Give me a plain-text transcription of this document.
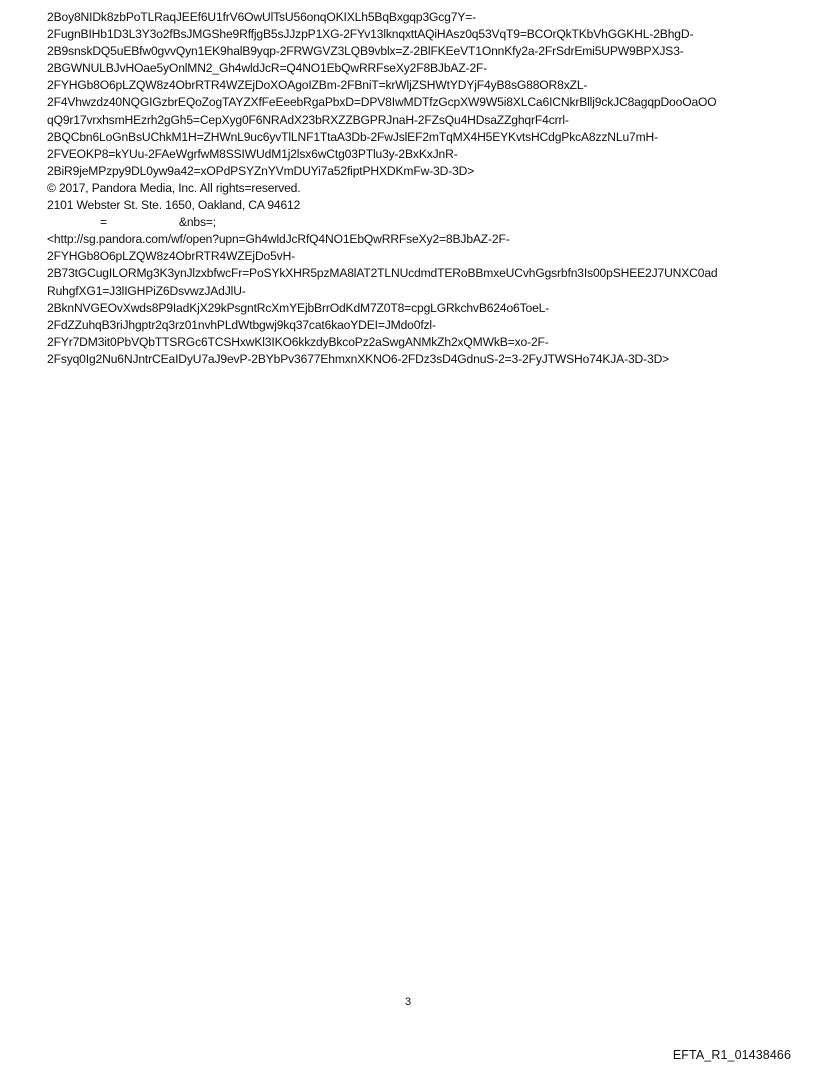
2Boy8NIDk8zbPoTLRaqJEEf6U1frV6OwUlTsU56onqOKIXLh5BqBxgqp3Gcg7Y=-
2FugnBIHb1D3L3Y3o2fBsJMGShe9RffjgB5sJJzpP1XG-2FYv13lknqxttAQiHAsz0q53VqT9=BCOrQkTKbVhGGKHL-2BhgD-
2B9snskDQ5uEBfw0gvvQyn1EK9halB9yqp-2FRWGVZ3LQB9vblx=Z-2BlFKEeVT1OnnKfy2a-2FrSdrEmi5UPW9BPXJS3-
2BGWNULBJvHOae5yOnlMN2_Gh4wldJcR=Q4NO1EbQwRRFseXy2F8BJbAZ-2F-
2FYHGb8O6pLZQW8z4ObrRTR4WZEjDoXOAgoIZBm-2FBniT=krWljZSHWtYDYjF4yB8sG88OR8xZL-
2F4Vhwzdz40NQGIGzbrEQoZogTAYZXfFeEeebRgaPbxD=DPV8IwMDTfzGcpXW9W5i8XLCa6ICNkrBllj9ckJC8agqpDooOaOO
qQ9r17vrxhsmHEzrh2gGh5=CepXyg0F6NRAdX23bRXZZBGPRJnaH-2FZsQu4HDsaZZghqrF4crrl-
2BQCbn6LoGnBsUChkM1H=ZHWnL9uc6yvTlLNF1TtaA3Db-2FwJslEF2mTqMX4H5EYKvtsHCdgPkcA8zzNLu7mH-
2FVEOKP8=kYUu-2FAeWgrfwM8SSIWUdM1j2lsx6wCtg03PTlu3y-2BxKxJnR-
2BiR9jeMPzpy9DL0yw9a42=xOPdPSYZnYVmDUYi7a52fiptPHXDKmFw-3D-3D>
© 2017, Pandora Media, Inc. All rights=reserved.
2101 Webster St. Ste. 1650, Oakland, CA 94612
=	&nbs=;
<http://sg.pandora.com/wf/open?upn=Gh4wldJcRfQ4NO1EbQwRRFseXy2=8BJbAZ-2F-
2FYHGb8O6pLZQW8z4ObrRTR4WZEjDo5vH-
2B73tGCugILORMg3K3ynJlzxbfwcFr=PoSYkXHR5pzMA8lAT2TLNUcdmdTERoBBmxeUCvhGgsrbfn3Is00pSHEE2J7UNXC0ad
RuhgfXG1=J3lIGHPiZ6DsvwzJAdJlU-
2BknNVGEOvXwds8P9IadKjX29kPsgntRcXmYEjbBrrOdKdM7Z0T8=cpgLGRkchvB624o6ToeL-
2FdZZuhqB3riJhgptr2q3rz01nvhPLdWtbgwj9kq37cat6kaoYDEI=JMdo0fzl-
2FYr7DM3it0PbVQbTTSRGc6TCSHxwKl3IKO6kkzdyBkcoPz2aSwgANMkZh2xQMWkB=xo-2F-
2Fsyq0Ig2Nu6NJntrCEaIDyU7aJ9evP-2BYbPv3677EhmxnXKNO6-2FDz3sD4GdnuS-2=3-2FyJTWSHo74KJA-3D-3D>
3
EFTA_R1_01438466
